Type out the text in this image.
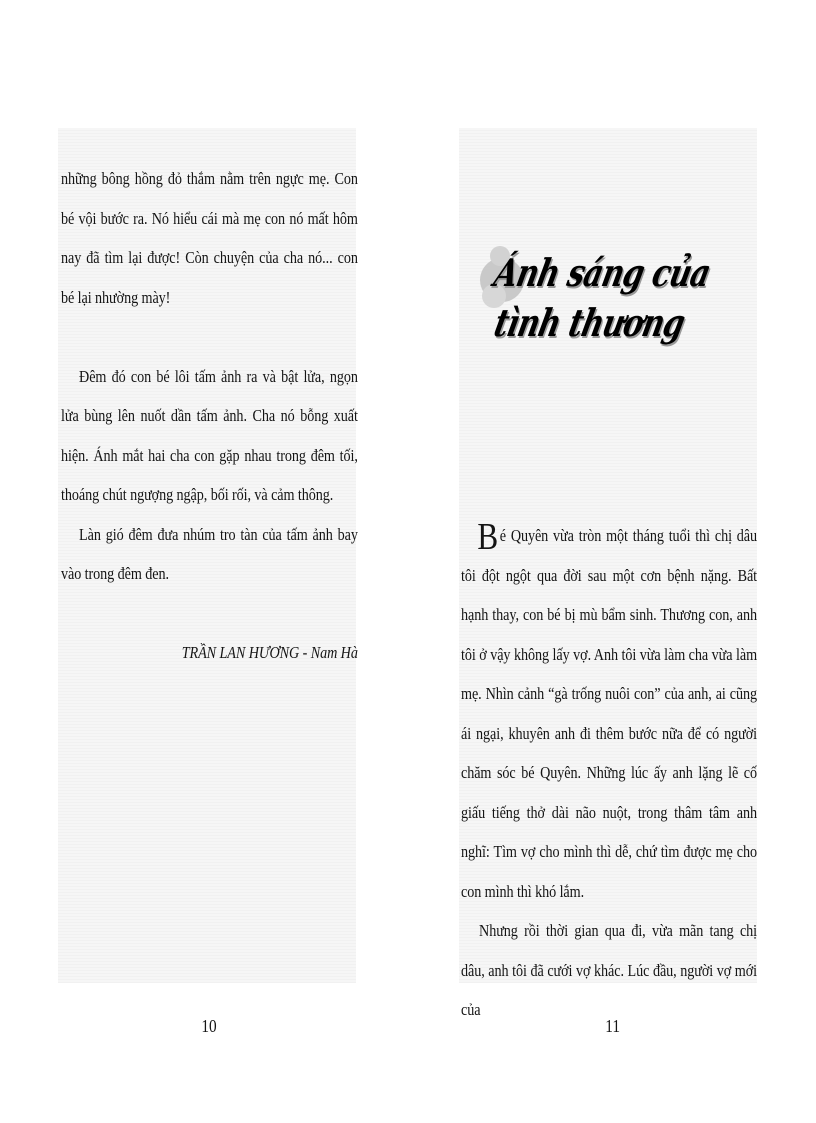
những bông hồng đỏ thắm nằm trên ngực mẹ. Con bé vội bước ra. Nó hiểu cái mà mẹ con nó mất hôm nay đã tìm lại được! Còn chuyện của cha nó... con bé lại nhường mày!

Đêm đó con bé lôi tấm ảnh ra và bật lửa, ngọn lửa bùng lên nuốt dần tấm ảnh. Cha nó bỗng xuất hiện. Ánh mắt hai cha con gặp nhau trong đêm tối, thoáng chút ngượng ngập, bối rối, và cảm thông.

Làn gió đêm đưa nhúm tro tàn của tấm ảnh bay vào trong đêm đen.

TRẦN LAN HƯƠNG - Nam Hà

Ánh sáng của
tình thương

Bé Quyên vừa tròn một tháng tuổi thì chị dâu tôi đột ngột qua đời sau một cơn bệnh nặng. Bất hạnh thay, con bé bị mù bẩm sinh. Thương con, anh tôi ở vậy không lấy vợ. Anh tôi vừa làm cha vừa làm mẹ. Nhìn cảnh “gà trống nuôi con” của anh, ai cũng ái ngại, khuyên anh đi thêm bước nữa để có người chăm sóc bé Quyên. Những lúc ấy anh lặng lẽ cố giấu tiếng thở dài não nuột, trong thâm tâm anh nghĩ: Tìm vợ cho mình thì dễ, chứ tìm được mẹ cho con mình thì khó lắm.

Nhưng rồi thời gian qua đi, vừa mãn tang chị dâu, anh tôi đã cưới vợ khác. Lúc đầu, người vợ mới của

10	11
